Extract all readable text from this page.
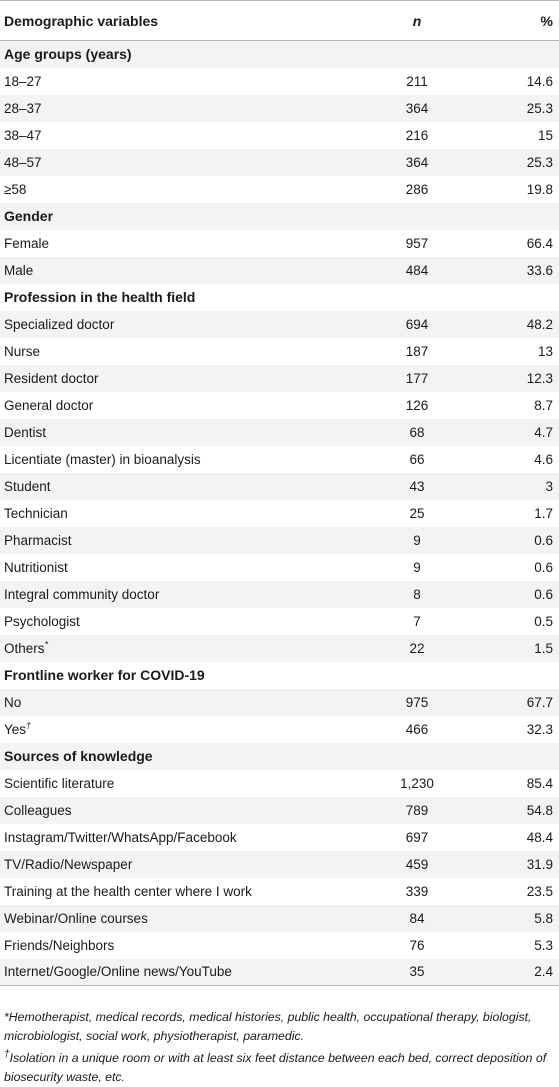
Demographic variables	n	%
Age groups (years)		
18–27	211	14.6
28–37	364	25.3
38–47	216	15
48–57	364	25.3
≥58	286	19.8
Gender		
Female	957	66.4
Male	484	33.6
Profession in the health field		
Specialized doctor	694	48.2
Nurse	187	13
Resident doctor	177	12.3
General doctor	126	8.7
Dentist	68	4.7
Licentiate (master) in bioanalysis	66	4.6
Student	43	3
Technician	25	1.7
Pharmacist	9	0.6
Nutritionist	9	0.6
Integral community doctor	8	0.6
Psychologist	7	0.5
Others*	22	1.5
Frontline worker for COVID-19		
No	975	67.7
Yes†	466	32.3
Sources of knowledge		
Scientific literature	1,230	85.4
Colleagues	789	54.8
Instagram/Twitter/WhatsApp/Facebook	697	48.4
TV/Radio/Newspaper	459	31.9
Training at the health center where I work	339	23.5
Webinar/Online courses	84	5.8
Friends/Neighbors	76	5.3
Internet/Google/Online news/YouTube	35	2.4

*Hemotherapist, medical records, medical histories, public health, occupational therapy, biologist, microbiologist, social work, physiotherapist, paramedic.

†Isolation in a unique room or with at least six feet distance between each bed, correct deposition of biosecurity waste, etc.
